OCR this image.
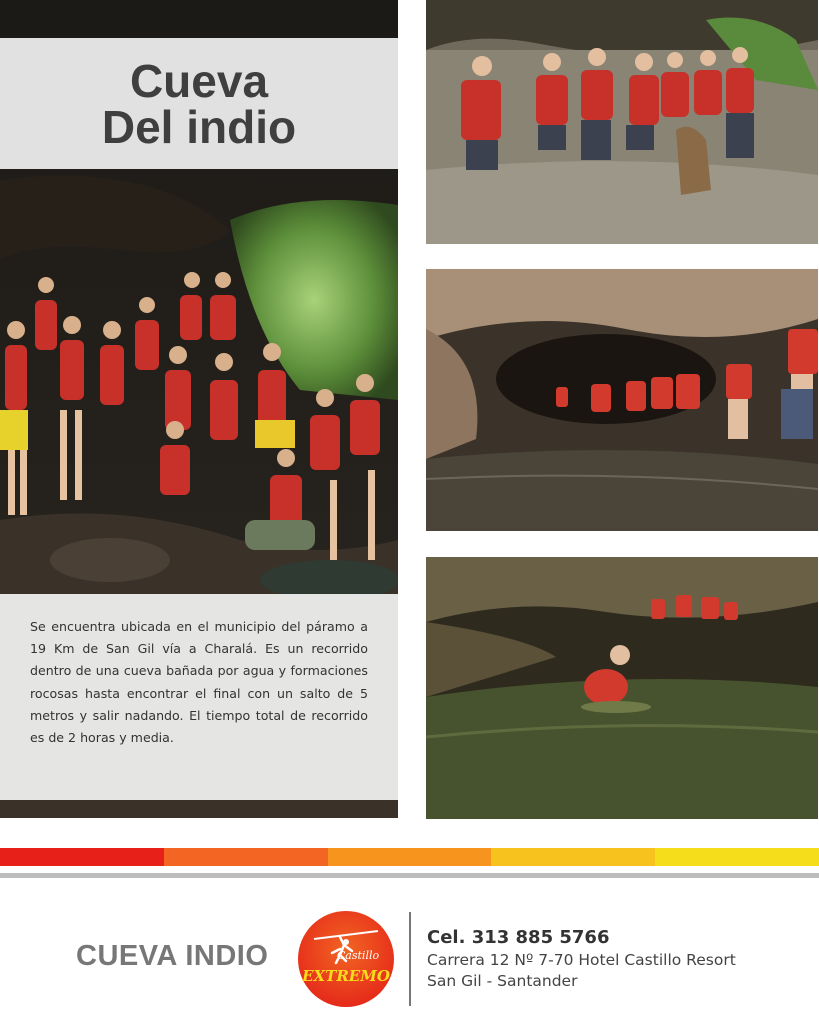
Cueva
Del indio

Se encuentra ubicada en el municipio del páramo a 19 Km de San Gil vía a Charalá. Es un recorrido dentro de una cueva bañada por agua y formaciones rocosas hasta encontrar el final con un salto de 5 metros y salir nadando. El tiempo total de recorrido es de 2 horas y media.

CUEVA INDIO	Castillo
EXTREMO
Cel. 313 885 5766
Carrera 12 Nº 7-70 Hotel Castillo Resort
San Gil - Santander
